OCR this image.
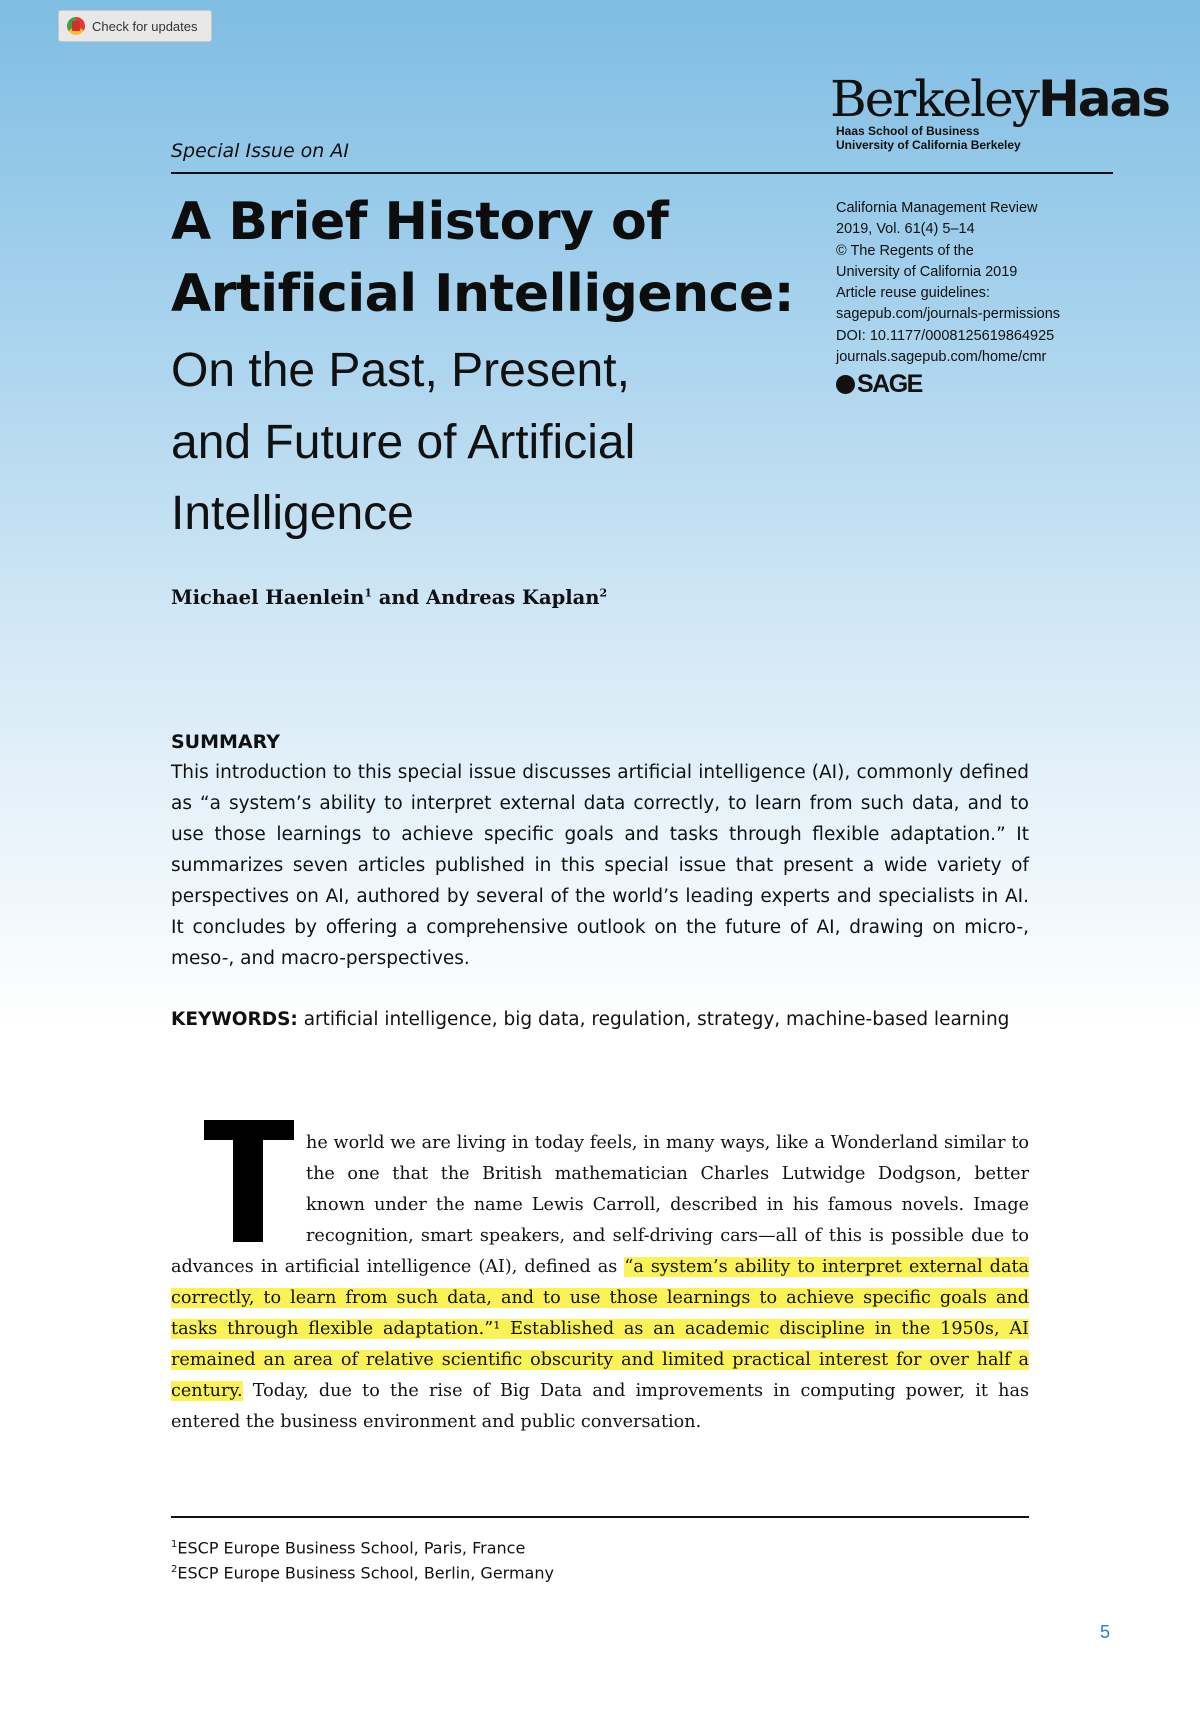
Check for updates
BerkeleyHaas
Haas School of Business
University of California Berkeley
Special Issue on AI
A Brief History of
Artificial Intelligence:
On the Past, Present,
and Future of Artificial
Intelligence
California Management Review
2019, Vol. 61(4) 5–14
© The Regents of the
University of California 2019
Article reuse guidelines:
sagepub.com/journals-permissions
DOI: 10.1177/0008125619864925
journals.sagepub.com/home/cmr
SAGE
Michael Haenlein$^1$ and Andreas Kaplan$^2$
SUMMARY
This introduction to this special issue discusses artificial intelligence (AI), commonly defined as “a system’s ability to interpret external data correctly, to learn from such data, and to use those learnings to achieve specific goals and tasks through flexible adaptation.” It summarizes seven articles published in this special issue that present a wide variety of perspectives on AI, authored by several of the world’s leading experts and specialists in AI. It concludes by offering a comprehensive outlook on the future of AI, drawing on micro-, meso-, and macro-perspectives.
KEYWORDS: artificial intelligence, big data, regulation, strategy, machine-based learning
he world we are living in today feels, in many ways, like a Wonderland similar to the one that the British mathematician Charles Lutwidge Dodgson, better known under the name Lewis Carroll, described in his famous novels. Image recognition, smart speakers, and self-driving cars—all of this is possible due to advances in artificial intelligence (AI), defined as “a system’s ability to interpret external data correctly, to learn from such data, and to use those learnings to achieve specific goals and tasks through flexible adaptation.”¹ Established as an academic discipline in the 1950s, AI remained an area of relative scientific obscurity and limited practical interest for over half a century. Today, due to the rise of Big Data and improvements in computing power, it has entered the business environment and public conversation.
$^1$ESCP Europe Business School, Paris, France
$^2$ESCP Europe Business School, Berlin, Germany
5
